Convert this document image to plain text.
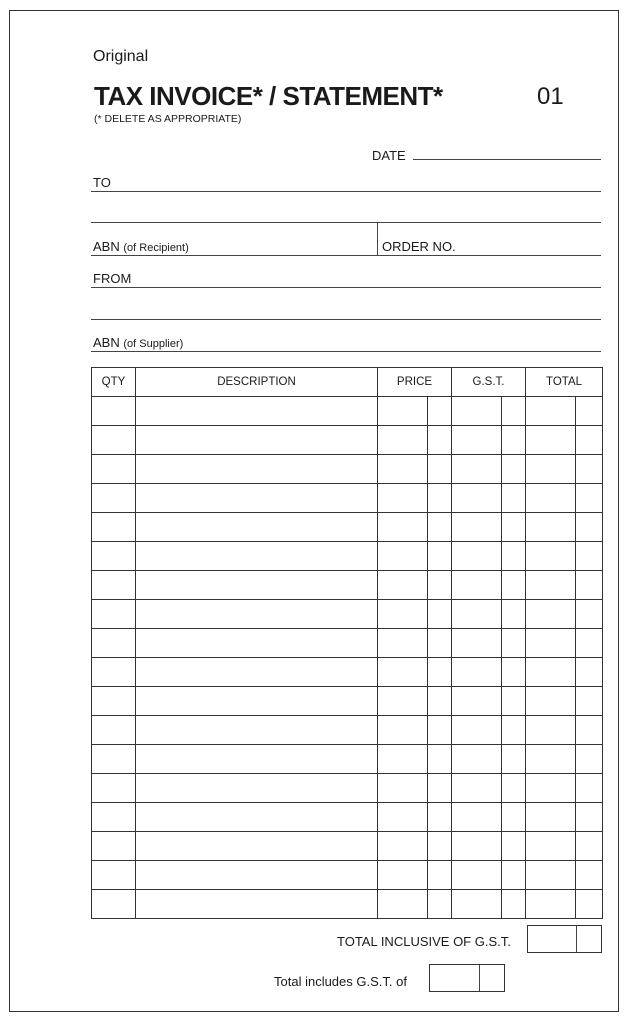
Original
TAX INVOICE* / STATEMENT*
(* DELETE AS APPROPRIATE)
01
DATE
TO
ABN (of Recipient)	ORDER NO.
FROM
ABN (of Supplier)
QTY	DESCRIPTION	PRICE		G.S.T.		TOTAL	

TOTAL INCLUSIVE OF G.S.T.
Total includes G.S.T. of
